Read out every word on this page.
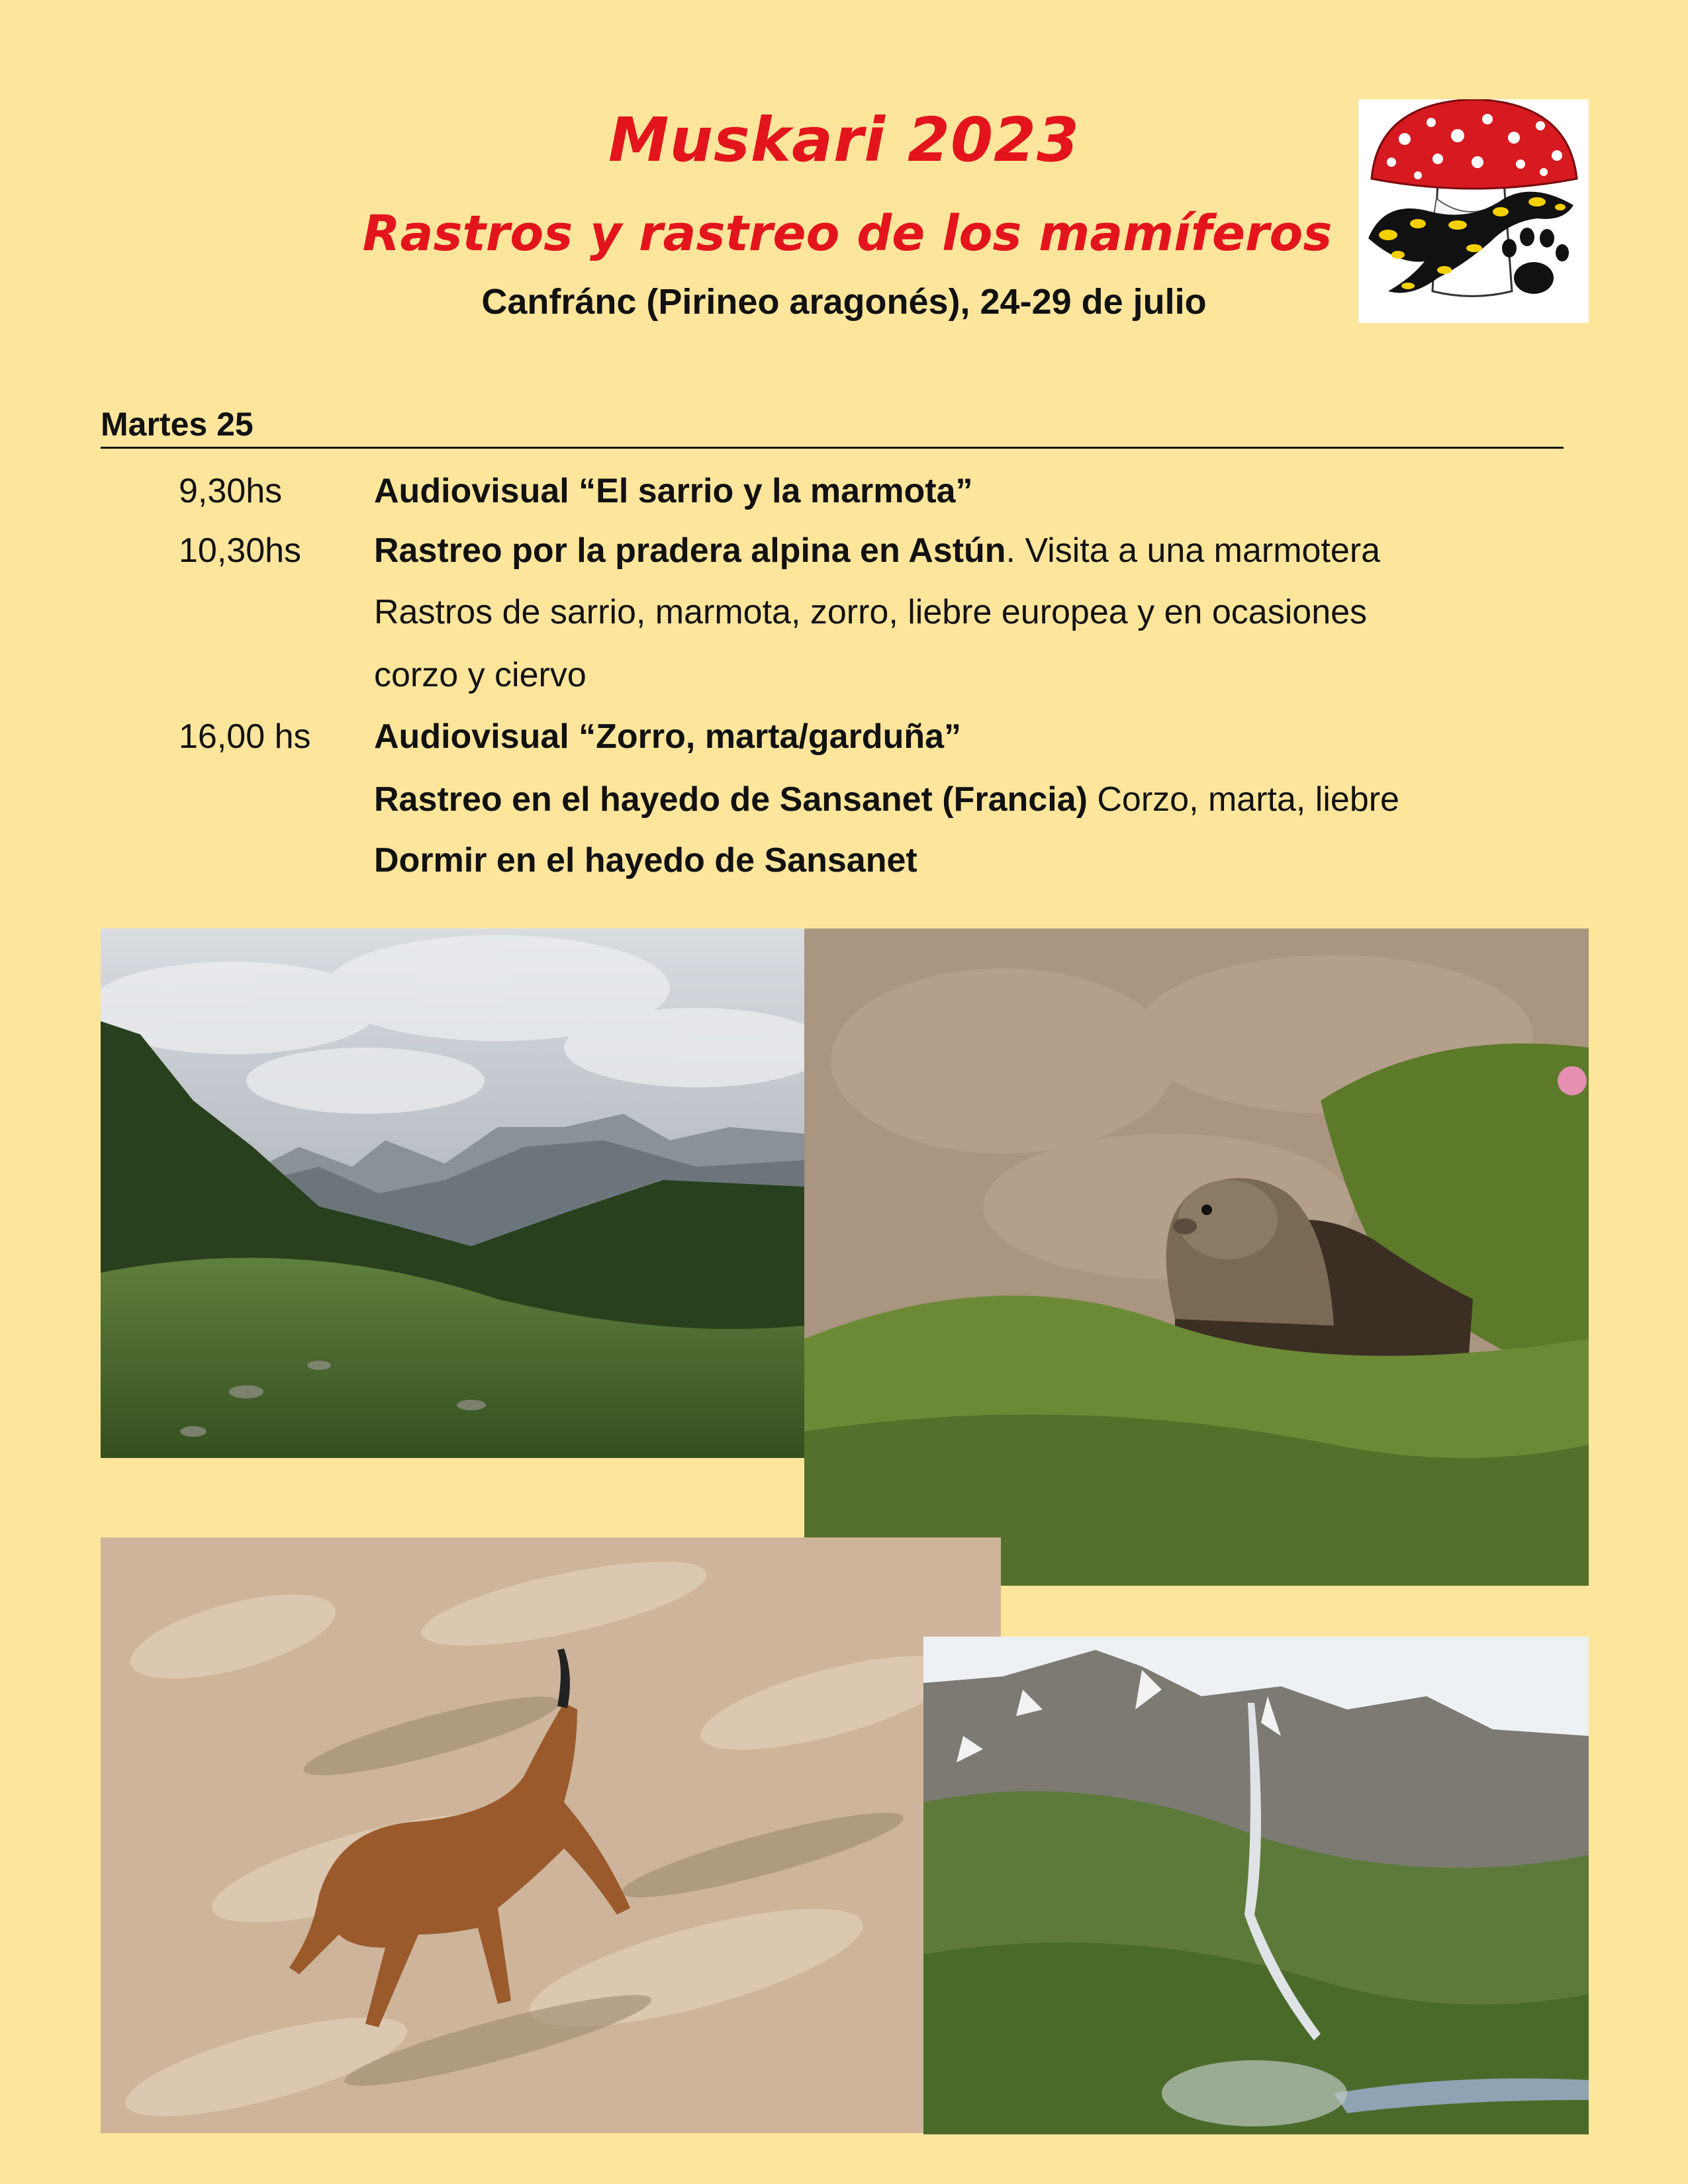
Muskari 2023
Rastros y rastreo de los mamíferos
Canfránc (Pirineo aragonés), 24-29 de julio
Martes 25
9,30hs	Audiovisual “El sarrio y la marmota”
10,30hs Rastreo por la pradera alpina en Astún. Visita a una marmotera
Rastros de sarrio, marmota, zorro, liebre europea y en ocasiones
corzo y ciervo
16,00 hs Audiovisual “Zorro, marta/garduña”
Rastreo en el hayedo de Sansanet (Francia) Corzo, marta, liebre
Dormir en el hayedo de Sansanet
